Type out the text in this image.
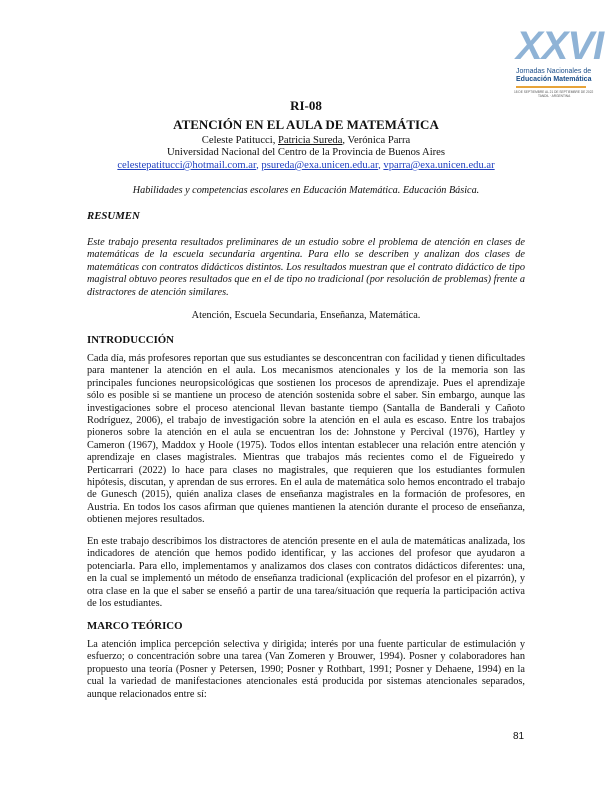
XXVI
Jornadas Nacionales de
Educación Matemática
18 DE SEPTIEMBRE AL 21 DE SEPTIEMBRE DE 2022
TANDIL · ARGENTINA
RI-08
ATENCIÓN EN EL AULA DE MATEMÁTICA
Celeste Patitucci, Patricia Sureda, Verónica Parra
Universidad Nacional del Centro de la Provincia de Buenos Aires
celestepatitucci@hotmail.com.ar, psureda@exa.unicen.edu.ar, vparra@exa.unicen.edu.ar
Habilidades y competencias escolares en Educación Matemática. Educación Básica.
RESUMEN
Este trabajo presenta resultados preliminares de un estudio sobre el problema de atención en clases de matemáticas de la escuela secundaria argentina. Para ello se describen y analizan dos clases de matemáticas con contratos didácticos distintos. Los resultados muestran que el contrato didáctico de tipo magistral obtuvo peores resultados que en el de tipo no tradicional (por resolución de problemas) frente a distractores de atención similares.
Atención, Escuela Secundaria, Enseñanza, Matemática.
INTRODUCCIÓN
Cada día, más profesores reportan que sus estudiantes se desconcentran con facilidad y tienen dificultades para mantener la atención en el aula. Los mecanismos atencionales y los de la memoria son las principales funciones neuropsicológicas que sostienen los procesos de aprendizaje. Pues el aprendizaje sólo es posible si se mantiene un proceso de atención sostenida sobre el saber. Sin embargo, aunque las investigaciones sobre el proceso atencional llevan bastante tiempo (Santalla de Banderali y Cañoto Rodríguez, 2006), el trabajo de investigación sobre la atención en el aula es escaso. Entre los trabajos pioneros sobre la atención en el aula se encuentran los de: Johnstone y Percival (1976), Hartley y Cameron (1967), Maddox y Hoole (1975). Todos ellos intentan establecer una relación entre atención y aprendizaje en clases magistrales. Mientras que trabajos más recientes como el de Figueiredo y Perticarrari (2022) lo hace para clases no magistrales, que requieren que los estudiantes formulen hipótesis, discutan, y aprendan de sus errores. En el aula de matemática solo hemos encontrado el trabajo de Gunesch (2015), quién analiza clases de enseñanza magistrales en la formación de profesores, en Austria. En todos los casos afirman que quienes mantienen la atención durante el proceso de enseñanza, obtienen mejores resultados.
En este trabajo describimos los distractores de atención presente en el aula de matemáticas analizada, los indicadores de atención que hemos podido identificar, y las acciones del profesor que ayudaron a potenciarla. Para ello, implementamos y analizamos dos clases con contratos didácticos diferentes: una, en la cual se implementó un método de enseñanza tradicional (explicación del profesor en el pizarrón), y otra clase en la que el saber se enseñó a partir de una tarea/situación que requería la participación activa de los estudiantes.
MARCO TEÓRICO
La atención implica percepción selectiva y dirigida; interés por una fuente particular de estimulación y esfuerzo; o concentración sobre una tarea (Van Zomeren y Brouwer, 1994). Posner y colaboradores han propuesto una teoría (Posner y Petersen, 1990; Posner y Rothbart, 1991; Posner y Dehaene, 1994) en la cual la variedad de manifestaciones atencionales está producida por sistemas atencionales separados, aunque relacionados entre sí:
81
